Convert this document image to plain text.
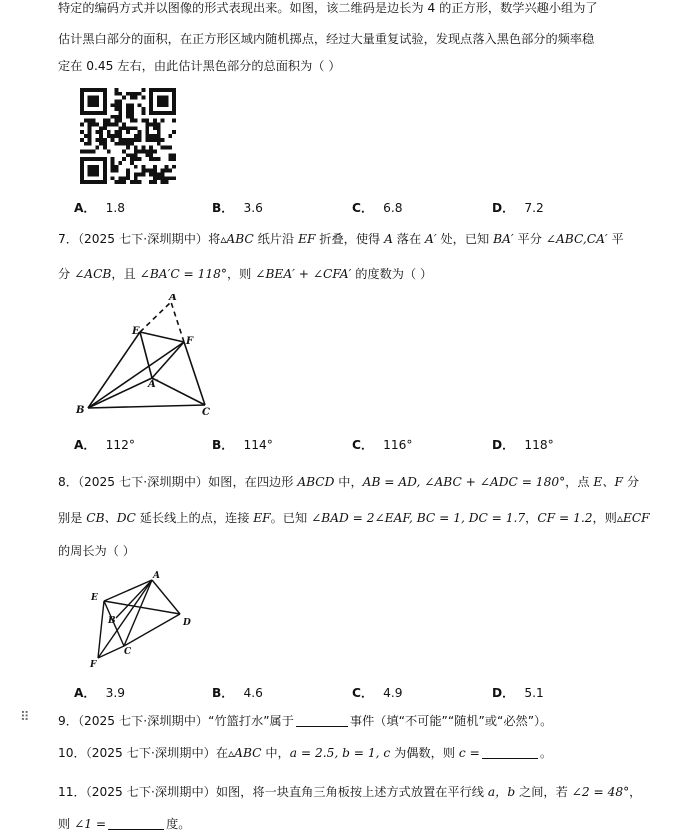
特定的编码方式并以图像的形式表现出来。如图，该二维码是边长为 4 的正方形，数学兴趣小组为了
估计黑白部分的面积，在正方形区域内随机掷点，经过大量重复试验，发现点落入黑色部分的频率稳
定在 0.45 左右，由此估计黑色部分的总面积为（ ）
A． 1.8	B． 3.6	C． 6.8	D． 7.2
7．（2025 七下·深圳期中）将▵ABC 纸片沿 EF 折叠，使得 A 落在 A′ 处，已知 BA′ 平分 ∠ABC,CA′ 平
分 ∠ACB，且 ∠BA′C = 118°，则 ∠BEA′ + ∠CFA′ 的度数为（ ）
A
E
F
A′
B	C
A． 112°	B． 114°	C． 116°	D． 118°
8．（2025 七下·深圳期中）如图，在四边形 ABCD 中，AB = AD, ∠ABC + ∠ADC = 180°，点 E、F 分
别是 CB、DC 延长线上的点，连接 EF。已知 ∠BAD = 2∠EAF, BC = 1, DC = 1.7，CF = 1.2，则▵ECF
的周长为（ ）
A
E
B	D
C
F
A． 3.9	B． 4.6	C． 4.9	D． 5.1
⠿ 9．（2025 七下·深圳期中）“竹篮打水”属于	事件（填“不可能”“随机”或“必然”）。
10．（2025 七下·深圳期中）在▵ABC 中，a = 2.5, b = 1, c 为偶数，则 c =	。
11．（2025 七下·深圳期中）如图，将一块直角三角板按上述方式放置在平行线 a，b 之间，若 ∠2 = 48°，
则 ∠1 =	度。
